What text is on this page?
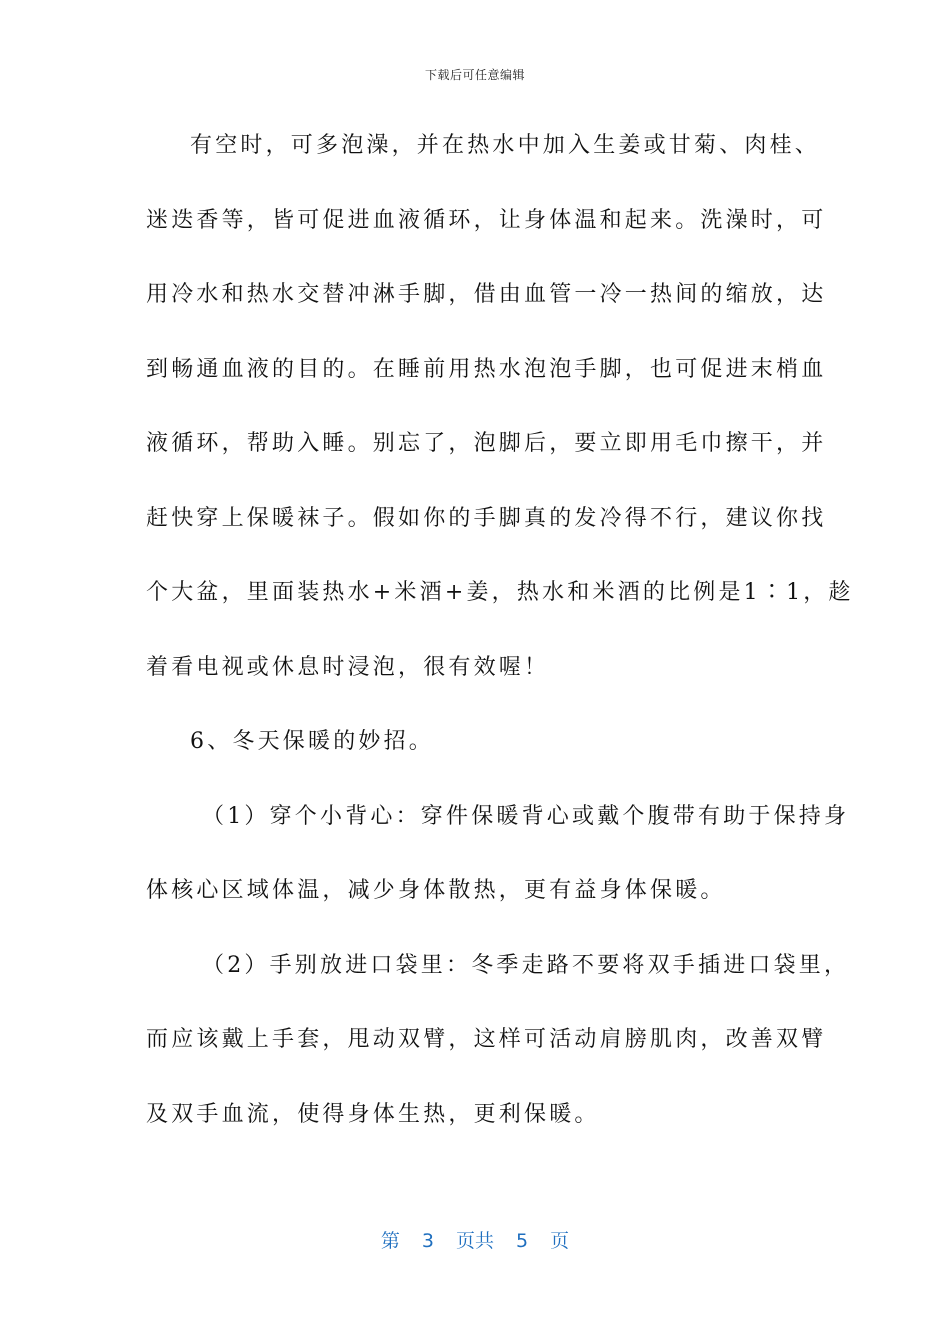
下载后可任意编辑
有空时，可多泡澡，并在热水中加入生姜或甘菊、肉桂、
迷迭香等，皆可促进血液循环，让身体温和起来。洗澡时，可
用冷水和热水交替冲淋手脚，借由血管一冷一热间的缩放，达
到畅通血液的目的。在睡前用热水泡泡手脚，也可促进末梢血
液循环，帮助入睡。别忘了，泡脚后，要立即用毛巾擦干，并
赶快穿上保暖袜子。假如你的手脚真的发冷得不行，建议你找
个大盆，里面装热水+米酒+姜，热水和米酒的比例是1∶1，趁
着看电视或休息时浸泡，很有效喔！
6、冬天保暖的妙招。
（1）穿个小背心：穿件保暖背心或戴个腹带有助于保持身
体核心区域体温，减少身体散热，更有益身体保暖。
（2）手别放进口袋里：冬季走路不要将双手插进口袋里，
而应该戴上手套，甩动双臂，这样可活动肩膀肌肉，改善双臂
及双手血流，使得身体生热，更利保暖。
第 3 页共 5 页
